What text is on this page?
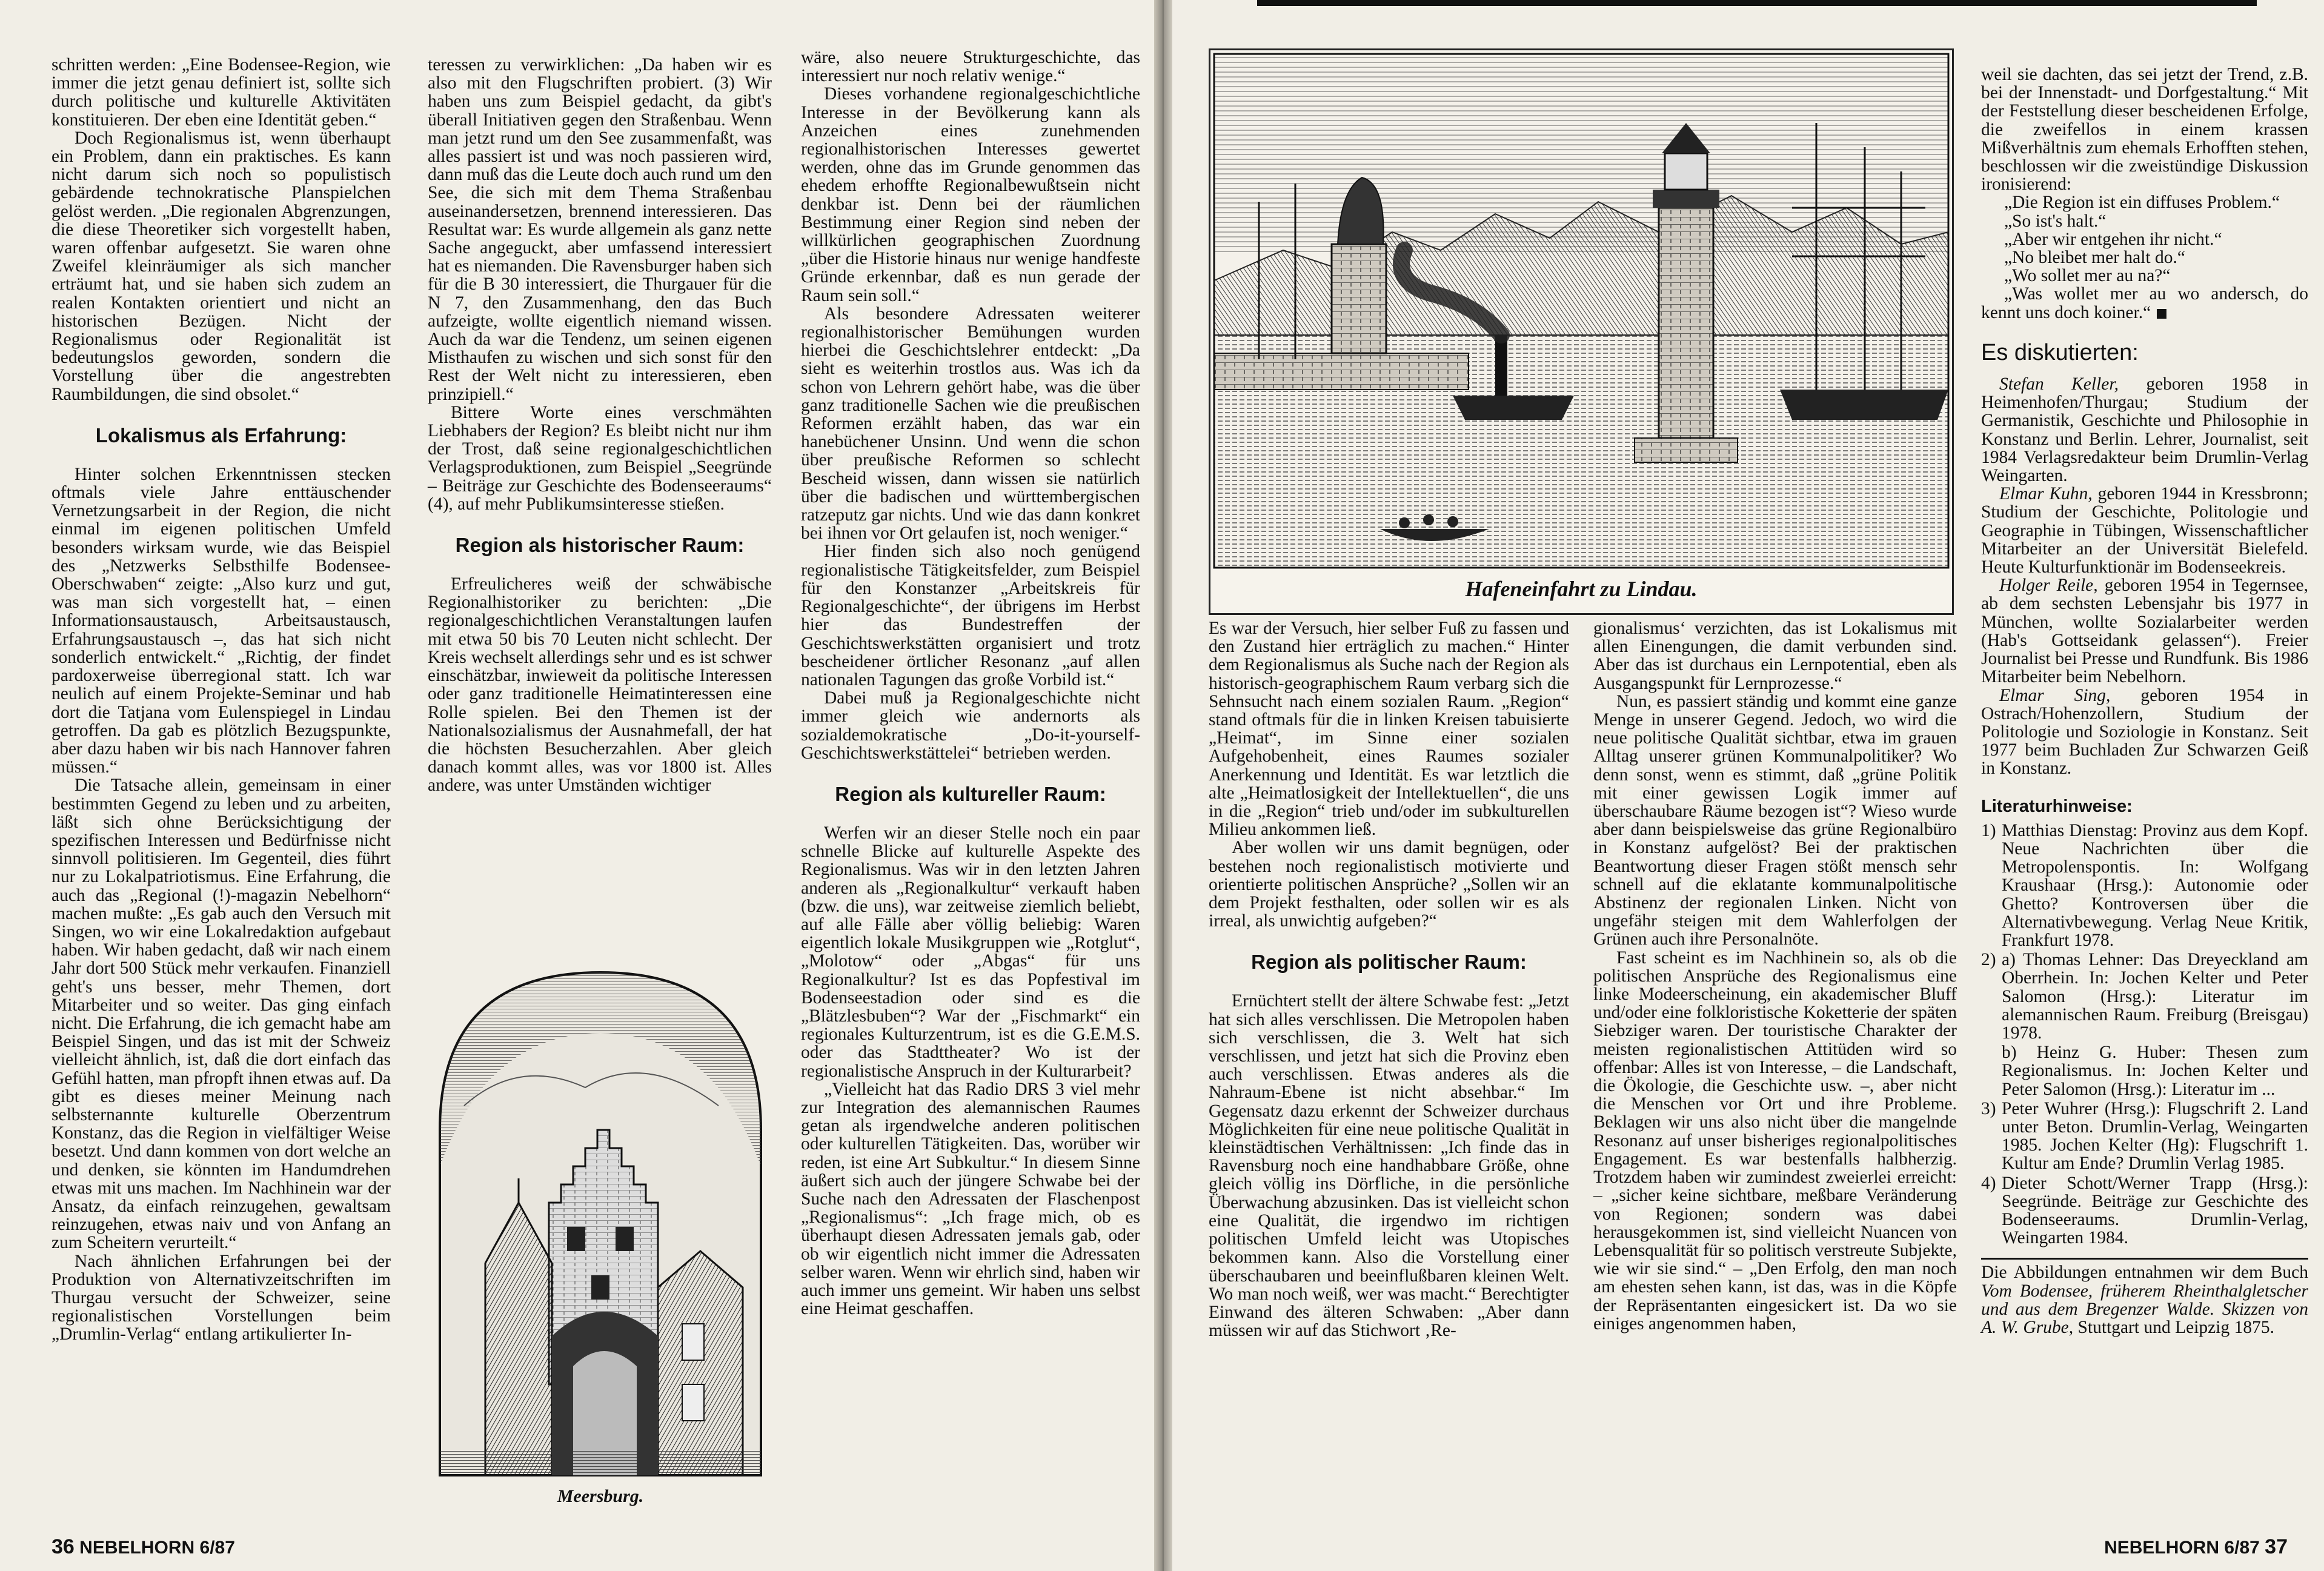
schritten werden: „Eine Bodensee-Region, wie immer die jetzt genau definiert ist, sollte sich durch politische und kulturelle Aktivitäten konstituieren. Der eben eine Identität geben.“

Doch Regionalismus ist, wenn überhaupt ein Problem, dann ein praktisches. Es kann nicht darum sich noch so populistisch gebärdende technokratische Planspielchen gelöst werden. „Die regionalen Abgrenzungen, die diese Theoretiker sich vorgestellt haben, waren offenbar aufgesetzt. Sie waren ohne Zweifel kleinräumiger als sich mancher erträumt hat, und sie haben sich zudem an realen Kontakten orientiert und nicht an historischen Bezügen. Nicht der Regionalismus oder Regionalität ist bedeutungslos geworden, sondern die Vorstellung über die angestrebten Raumbildungen, die sind obsolet.“

Lokalismus als Erfahrung:

Hinter solchen Erkenntnissen stecken oftmals viele Jahre enttäuschender Vernetzungsarbeit in der Region, die nicht einmal im eigenen politischen Umfeld besonders wirksam wurde, wie das Beispiel des „Netzwerks Selbsthilfe Bodensee-Oberschwaben“ zeigte: „Also kurz und gut, was man sich vorgestellt hat, – einen Informationsaustausch, Arbeitsaustausch, Erfahrungsaustausch –, das hat sich nicht sonderlich entwickelt.“ „Richtig, der findet pardoxerweise überregional statt. Ich war neulich auf einem Projekte-Seminar und hab dort die Tatjana vom Eulenspiegel in Lindau getroffen. Da gab es plötzlich Bezugspunkte, aber dazu haben wir bis nach Hannover fahren müssen.“

Die Tatsache allein, gemeinsam in einer bestimmten Gegend zu leben und zu arbeiten, läßt sich ohne Berücksichtigung der spezifischen Interessen und Bedürfnisse nicht sinnvoll politisieren. Im Gegenteil, dies führt nur zu Lokalpatriotismus. Eine Erfahrung, die auch das „Regional (!)-magazin Nebelhorn“ machen mußte: „Es gab auch den Versuch mit Singen, wo wir eine Lokalredaktion aufgebaut haben. Wir haben gedacht, daß wir nach einem Jahr dort 500 Stück mehr verkaufen. Finanziell geht's uns besser, mehr Themen, dort Mitarbeiter und so weiter. Das ging einfach nicht. Die Erfahrung, die ich gemacht habe am Beispiel Singen, und das ist mit der Schweiz vielleicht ähnlich, ist, daß die dort einfach das Gefühl hatten, man pfropft ihnen etwas auf. Da gibt es dieses meiner Meinung nach selbsternannte kulturelle Oberzentrum Konstanz, das die Region in vielfältiger Weise besetzt. Und dann kommen von dort welche an und denken, sie könnten im Handumdrehen etwas mit uns machen. Im Nachhinein war der Ansatz, da einfach reinzugehen, gewaltsam reinzugehen, etwas naiv und von Anfang an zum Scheitern verurteilt.“

Nach ähnlichen Erfahrungen bei der Produktion von Alternativzeitschriften im Thurgau versucht der Schweizer, seine regionalistischen Vorstellungen beim „Drumlin-Verlag“ entlang artikulierter In-

teressen zu verwirklichen: „Da haben wir es also mit den Flugschriften probiert. (3) Wir haben uns zum Beispiel gedacht, da gibt's überall Initiativen gegen den Straßenbau. Wenn man jetzt rund um den See zusammenfaßt, was alles passiert ist und was noch passieren wird, dann muß das die Leute doch auch rund um den See, die sich mit dem Thema Straßenbau auseinandersetzen, brennend interessieren. Das Resultat war: Es wurde allgemein als ganz nette Sache angeguckt, aber umfassend interessiert hat es niemanden. Die Ravensburger haben sich für die B 30 interessiert, die Thurgauer für die N 7, den Zusammenhang, den das Buch aufzeigte, wollte eigentlich niemand wissen. Auch da war die Tendenz, um seinen eigenen Misthaufen zu wischen und sich sonst für den Rest der Welt nicht zu interessieren, eben prinzipiell.“

Bittere Worte eines verschmähten Liebhabers der Region? Es bleibt nicht nur ihm der Trost, daß seine regionalgeschichtlichen Verlagsproduktionen, zum Beispiel „Seegründe – Beiträge zur Geschichte des Bodenseeraums“ (4), auf mehr Publikumsinteresse stießen.

Region als historischer Raum:

Erfreulicheres weiß der schwäbische Regionalhistoriker zu berichten: „Die regionalgeschichtlichen Veranstaltungen laufen mit etwa 50 bis 70 Leuten nicht schlecht. Der Kreis wechselt allerdings sehr und es ist schwer einschätzbar, inwieweit da politische Interessen oder ganz traditionelle Heimatinteressen eine Rolle spielen. Bei den Themen ist der Nationalsozialismus der Ausnahmefall, der hat die höchsten Besucherzahlen. Aber gleich danach kommt alles, was vor 1800 ist. Alles andere, was unter Umständen wichtiger

Meersburg.

wäre, also neuere Strukturgeschichte, das interessiert nur noch relativ wenige.“

Dieses vorhandene regionalgeschichtliche Interesse in der Bevölkerung kann als Anzeichen eines zunehmenden regionalhistorischen Interesses gewertet werden, ohne das im Grunde genommen das ehedem erhoffte Regionalbewußtsein nicht denkbar ist. Denn bei der räumlichen Bestimmung einer Region sind neben der willkürlichen geographischen Zuordnung „über die Historie hinaus nur wenige handfeste Gründe erkennbar, daß es nun gerade der Raum sein soll.“

Als besondere Adressaten weiterer regionalhistorischer Bemühungen wurden hierbei die Geschichtslehrer entdeckt: „Da sieht es weiterhin trostlos aus. Was ich da schon von Lehrern gehört habe, was die über ganz traditionelle Sachen wie die preußischen Reformen erzählt haben, das war ein hanebüchener Unsinn. Und wenn die schon über preußische Reformen so schlecht Bescheid wissen, dann wissen sie natürlich über die badischen und württembergischen ratzeputz gar nichts. Und wie das dann konkret bei ihnen vor Ort gelaufen ist, noch weniger.“

Hier finden sich also noch genügend regionalistische Tätigkeitsfelder, zum Beispiel für den Konstanzer „Arbeitskreis für Regionalgeschichte“, der übrigens im Herbst hier das Bundestreffen der Geschichtswerkstätten organisiert und trotz bescheidener örtlicher Resonanz „auf allen nationalen Tagungen das große Vorbild ist.“

Dabei muß ja Regionalgeschichte nicht immer gleich wie andernorts als sozialdemokratische „Do-it-yourself-Geschichtswerkstättelei“ betrieben werden.

Region als kultureller Raum:

Werfen wir an dieser Stelle noch ein paar schnelle Blicke auf kulturelle Aspekte des Regionalismus. Was wir in den letzten Jahren anderen als „Regionalkultur“ verkauft haben (bzw. die uns), war zeitweise ziemlich beliebt, auf alle Fälle aber völlig beliebig: Waren eigentlich lokale Musikgruppen wie „Rotglut“, „Molotow“ oder „Abgas“ für uns Regionalkultur? Ist es das Popfestival im Bodenseestadion oder sind es die „Blätzlesbuben“? War der „Fischmarkt“ ein regionales Kulturzentrum, ist es die G.E.M.S. oder das Stadttheater? Wo ist der regionalistische Anspruch in der Kulturarbeit?

„Vielleicht hat das Radio DRS 3 viel mehr zur Integration des alemannischen Raumes getan als irgendwelche anderen politischen oder kulturellen Tätigkeiten. Das, worüber wir reden, ist eine Art Subkultur.“ In diesem Sinne äußert sich auch der jüngere Schwabe bei der Suche nach den Adressaten der Flaschenpost „Regionalismus“: „Ich frage mich, ob es überhaupt diesen Adressaten jemals gab, oder ob wir eigentlich nicht immer die Adressaten selber waren. Wenn wir ehrlich sind, haben wir auch immer uns gemeint. Wir haben uns selbst eine Heimat geschaffen.

36 NEBELHORN 6/87
Hafeneinfahrt zu Lindau.

Es war der Versuch, hier selber Fuß zu fassen und den Zustand hier erträglich zu machen.“ Hinter dem Regionalismus als Suche nach der Region als historisch-geographischem Raum verbarg sich die Sehnsucht nach einem sozialen Raum. „Region“ stand oftmals für die in linken Kreisen tabuisierte „Heimat“, im Sinne einer sozialen Aufgehobenheit, eines Raumes sozialer Anerkennung und Identität. Es war letztlich die alte „Heimatlosigkeit der Intellektuellen“, die uns in die „Region“ trieb und/oder im subkulturellen Milieu ankommen ließ.

Aber wollen wir uns damit begnügen, oder bestehen noch regionalistisch motivierte und orientierte politischen Ansprüche? „Sollen wir an dem Projekt festhalten, oder sollen wir es als irreal, als unwichtig aufgeben?“

Region als politischer Raum:

Ernüchtert stellt der ältere Schwabe fest: „Jetzt hat sich alles verschlissen. Die Metropolen haben sich verschlissen, die 3. Welt hat sich verschlissen, und jetzt hat sich die Provinz eben auch verschlissen. Etwas anderes als die Nahraum-Ebene ist nicht absehbar.“ Im Gegensatz dazu erkennt der Schweizer durchaus Möglichkeiten für eine neue politische Qualität in kleinstädtischen Verhältnissen: „Ich finde das in Ravensburg noch eine handhabbare Größe, ohne gleich völlig ins Dörfliche, in die persönliche Überwachung abzusinken. Das ist vielleicht schon eine Qualität, die irgendwo im richtigen politischen Umfeld leicht was Utopisches bekommen kann. Also die Vorstellung einer überschaubaren und beeinflußbaren kleinen Welt. Wo man noch weiß, wer was macht.“ Berechtigter Einwand des älteren Schwaben: „Aber dann müssen wir auf das Stichwort ‚Re-

gionalismus‘ verzichten, das ist Lokalismus mit allen Einengungen, die damit verbunden sind. Aber das ist durchaus ein Lernpotential, eben als Ausgangspunkt für Lernprozesse.“

Nun, es passiert ständig und kommt eine ganze Menge in unserer Gegend. Jedoch, wo wird die neue politische Qualität sichtbar, etwa im grauen Alltag unserer grünen Kommunalpolitiker? Wo denn sonst, wenn es stimmt, daß „grüne Politik mit einer gewissen Logik immer auf überschaubare Räume bezogen ist“? Wieso wurde aber dann beispielsweise das grüne Regionalbüro in Konstanz aufgelöst? Bei der praktischen Beantwortung dieser Fragen stößt mensch sehr schnell auf die eklatante kommunalpolitische Abstinenz der regionalen Linken. Nicht von ungefähr steigen mit dem Wahlerfolgen der Grünen auch ihre Personalnöte.

Fast scheint es im Nachhinein so, als ob die politischen Ansprüche des Regionalismus eine linke Modeerscheinung, ein akademischer Bluff und/oder eine folkloristische Koketterie der späten Siebziger waren. Der touristische Charakter der meisten regionalistischen Attitüden wird so offenbar: Alles ist von Interesse, – die Landschaft, die Ökologie, die Geschichte usw. –, aber nicht die Menschen vor Ort und ihre Probleme. Beklagen wir uns also nicht über die mangelnde Resonanz auf unser bisheriges regionalpolitisches Engagement. Es war bestenfalls halbherzig. Trotzdem haben wir zumindest zweierlei erreicht: – „sicher keine sichtbare, meßbare Veränderung von Regionen; sondern was dabei herausgekommen ist, sind vielleicht Nuancen von Lebensqualität für so politisch verstreute Subjekte, wie wir sie sind.“ – „Den Erfolg, den man noch am ehesten sehen kann, ist das, was in die Köpfe der Repräsentanten eingesickert ist. Da wo sie einiges angenommen haben,

weil sie dachten, das sei jetzt der Trend, z.B. bei der Innenstadt- und Dorfgestaltung.“ Mit der Feststellung dieser bescheidenen Erfolge, die zweifellos in einem krassen Mißverhältnis zum ehemals Erhofften stehen, beschlossen wir die zweistündige Diskussion ironisierend:

„Die Region ist ein diffuses Problem.“

„So ist's halt.“

„Aber wir entgehen ihr nicht.“

„No bleibet mer halt do.“

„Wo sollet mer au na?“

„Was wollet mer au wo andersch, do kennt uns doch koiner.“

Es diskutierten:

Stefan Keller, geboren 1958 in Heimenhofen/Thurgau; Studium der Germanistik, Geschichte und Philosophie in Konstanz und Berlin. Lehrer, Journalist, seit 1984 Verlagsredakteur beim Drumlin-Verlag Weingarten.

Elmar Kuhn, geboren 1944 in Kressbronn; Studium der Geschichte, Politologie und Geographie in Tübingen, Wissenschaftlicher Mitarbeiter an der Universität Bielefeld. Heute Kulturfunktionär im Bodenseekreis.

Holger Reile, geboren 1954 in Tegernsee, ab dem sechsten Lebensjahr bis 1977 in München, wollte Sozialarbeiter werden (Hab's Gottseidank gelassen“). Freier Journalist bei Presse und Rundfunk. Bis 1986 Mitarbeiter beim Nebelhorn.

Elmar Sing, geboren 1954 in Ostrach/Hohenzollern, Studium der Politologie und Soziologie in Konstanz. Seit 1977 beim Buchladen Zur Schwarzen Geiß in Konstanz.

Literaturhinweise:

1) Matthias Dienstag: Provinz aus dem Kopf. Neue Nachrichten über die Metropolenspontis. In: Wolfgang Kraushaar (Hrsg.): Autonomie oder Ghetto? Kontroversen über die Alternativbewegung. Verlag Neue Kritik, Frankfurt 1978.

2) a) Thomas Lehner: Das Dreyeckland am Oberrhein. In: Jochen Kelter und Peter Salomon (Hrsg.): Literatur im alemannischen Raum. Freiburg (Breisgau) 1978.

b) Heinz G. Huber: Thesen zum Regionalismus. In: Jochen Kelter und Peter Salomon (Hrsg.): Literatur im ...

3) Peter Wuhrer (Hrsg.): Flugschrift 2. Land unter Beton. Drumlin-Verlag, Weingarten 1985. Jochen Kelter (Hg): Flugschrift 1. Kultur am Ende? Drumlin Verlag 1985.

4) Dieter Schott/Werner Trapp (Hrsg.): Seegründe. Beiträge zur Geschichte des Bodenseeraums. Drumlin-Verlag, Weingarten 1984.

Die Abbildungen entnahmen wir dem Buch Vom Bodensee, früherem Rheinthalgletscher und aus dem Bregenzer Walde. Skizzen von A. W. Grube, Stuttgart und Leipzig 1875.

NEBELHORN 6/87 37
